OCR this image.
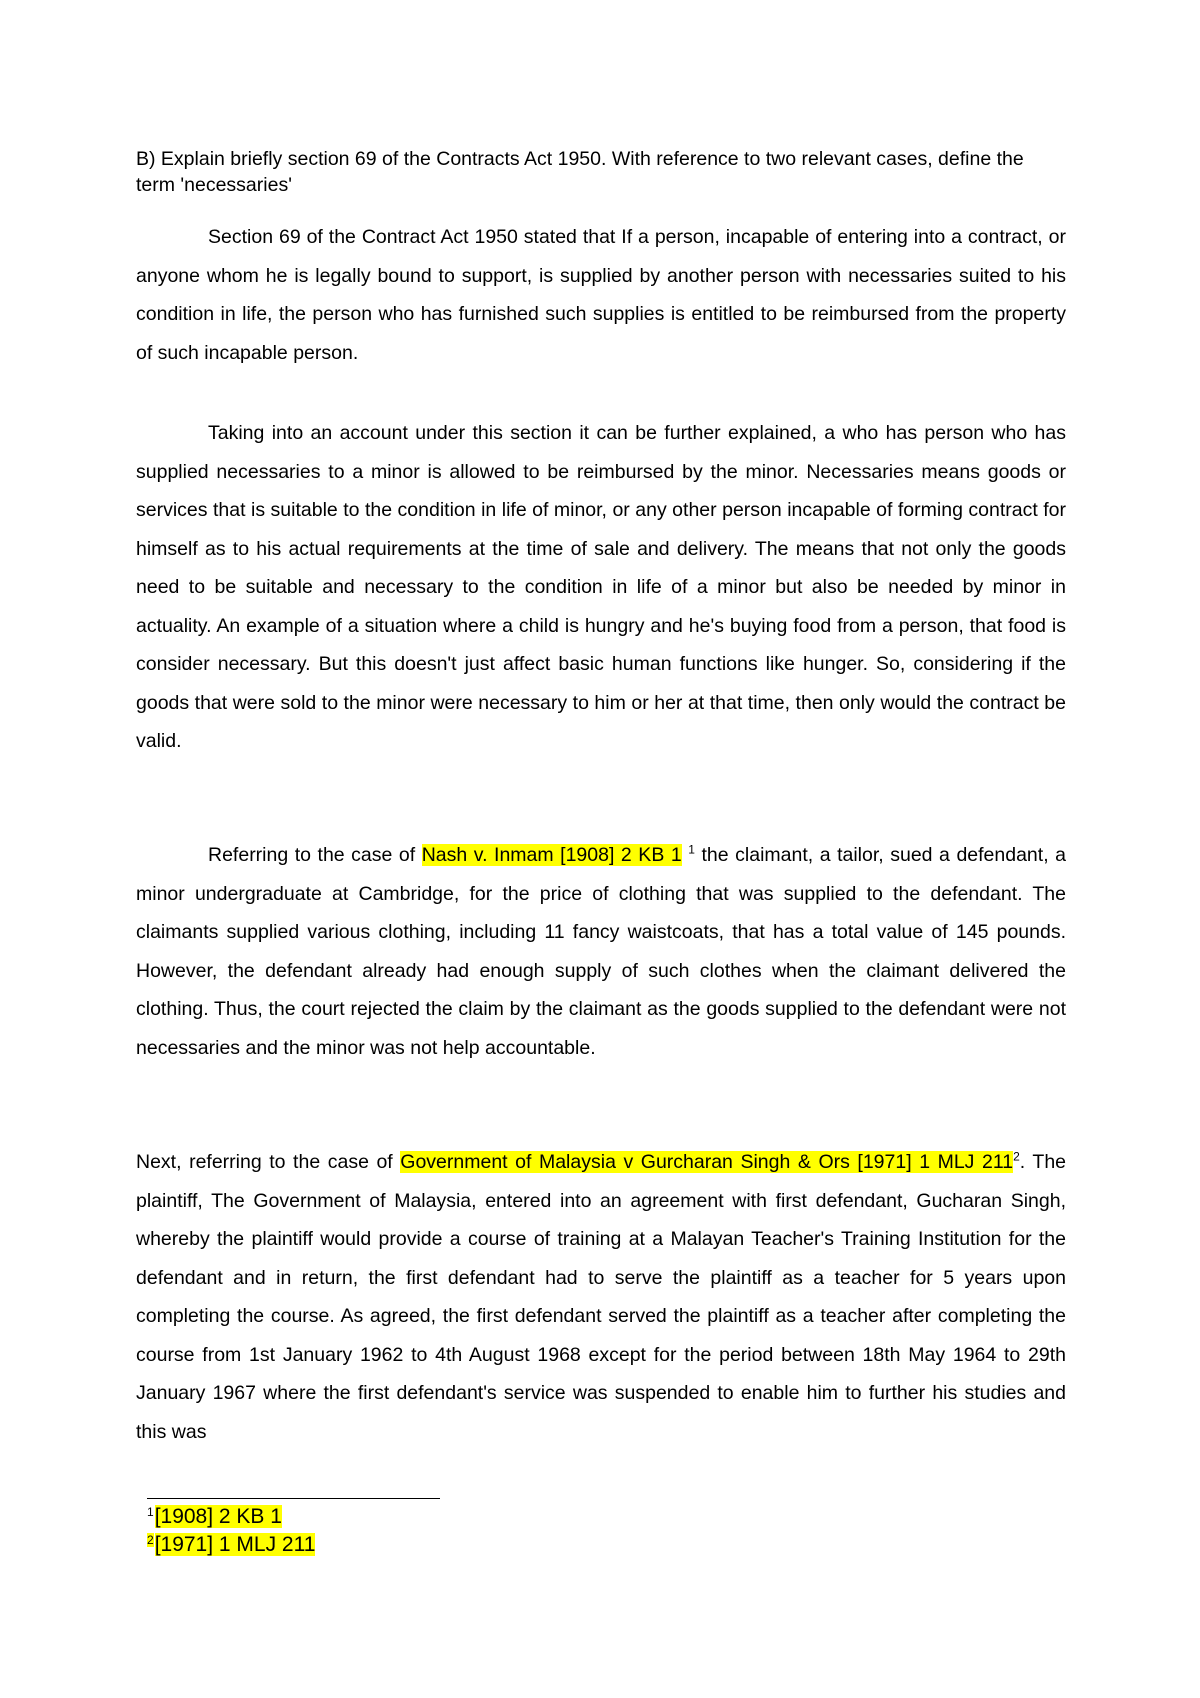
B) Explain briefly section 69 of the Contracts Act 1950. With reference to two relevant cases, define the term 'necessaries'

Section 69 of the Contract Act 1950 stated that If a person, incapable of entering into a contract, or anyone whom he is legally bound to support, is supplied by another person with necessaries suited to his condition in life, the person who has furnished such supplies is entitled to be reimbursed from the property of such incapable person.

Taking into an account under this section it can be further explained, a who has person who has supplied necessaries to a minor is allowed to be reimbursed by the minor. Necessaries means goods or services that is suitable to the condition in life of minor, or any other person incapable of forming contract for himself as to his actual requirements at the time of sale and delivery. The means that not only the goods need to be suitable and necessary to the condition in life of a minor but also be needed by minor in actuality. An example of a situation where a child is hungry and he's buying food from a person, that food is consider necessary. But this doesn't just affect basic human functions like hunger. So, considering if the goods that were sold to the minor were necessary to him or her at that time, then only would the contract be valid.

Referring to the case of Nash v. Inmam [1908] 2 KB 1 $^1$ the claimant, a tailor, sued a defendant, a minor undergraduate at Cambridge, for the price of clothing that was supplied to the defendant. The claimants supplied various clothing, including 11 fancy waistcoats, that has a total value of 145 pounds. However, the defendant already had enough supply of such clothes when the claimant delivered the clothing. Thus, the court rejected the claim by the claimant as the goods supplied to the defendant were not necessaries and the minor was not help accountable.

Next, referring to the case of Government of Malaysia v Gurcharan Singh & Ors [1971] 1 MLJ $211^2$. The plaintiff, The Government of Malaysia, entered into an agreement with first defendant, Gucharan Singh, whereby the plaintiff would provide a course of training at a Malayan Teacher's Training Institution for the defendant and in return, the first defendant had to serve the plaintiff as a teacher for 5 years upon completing the course. As agreed, the first defendant served the plaintiff as a teacher after completing the course from 1st January 1962 to 4th August 1968 except for the period between 18th May 1964 to 29th January 1967 where the first defendant's service was suspended to enable him to further his studies and this was

$^1$[1908] 2 KB 1

$^2$[1971] 1 MLJ 211
